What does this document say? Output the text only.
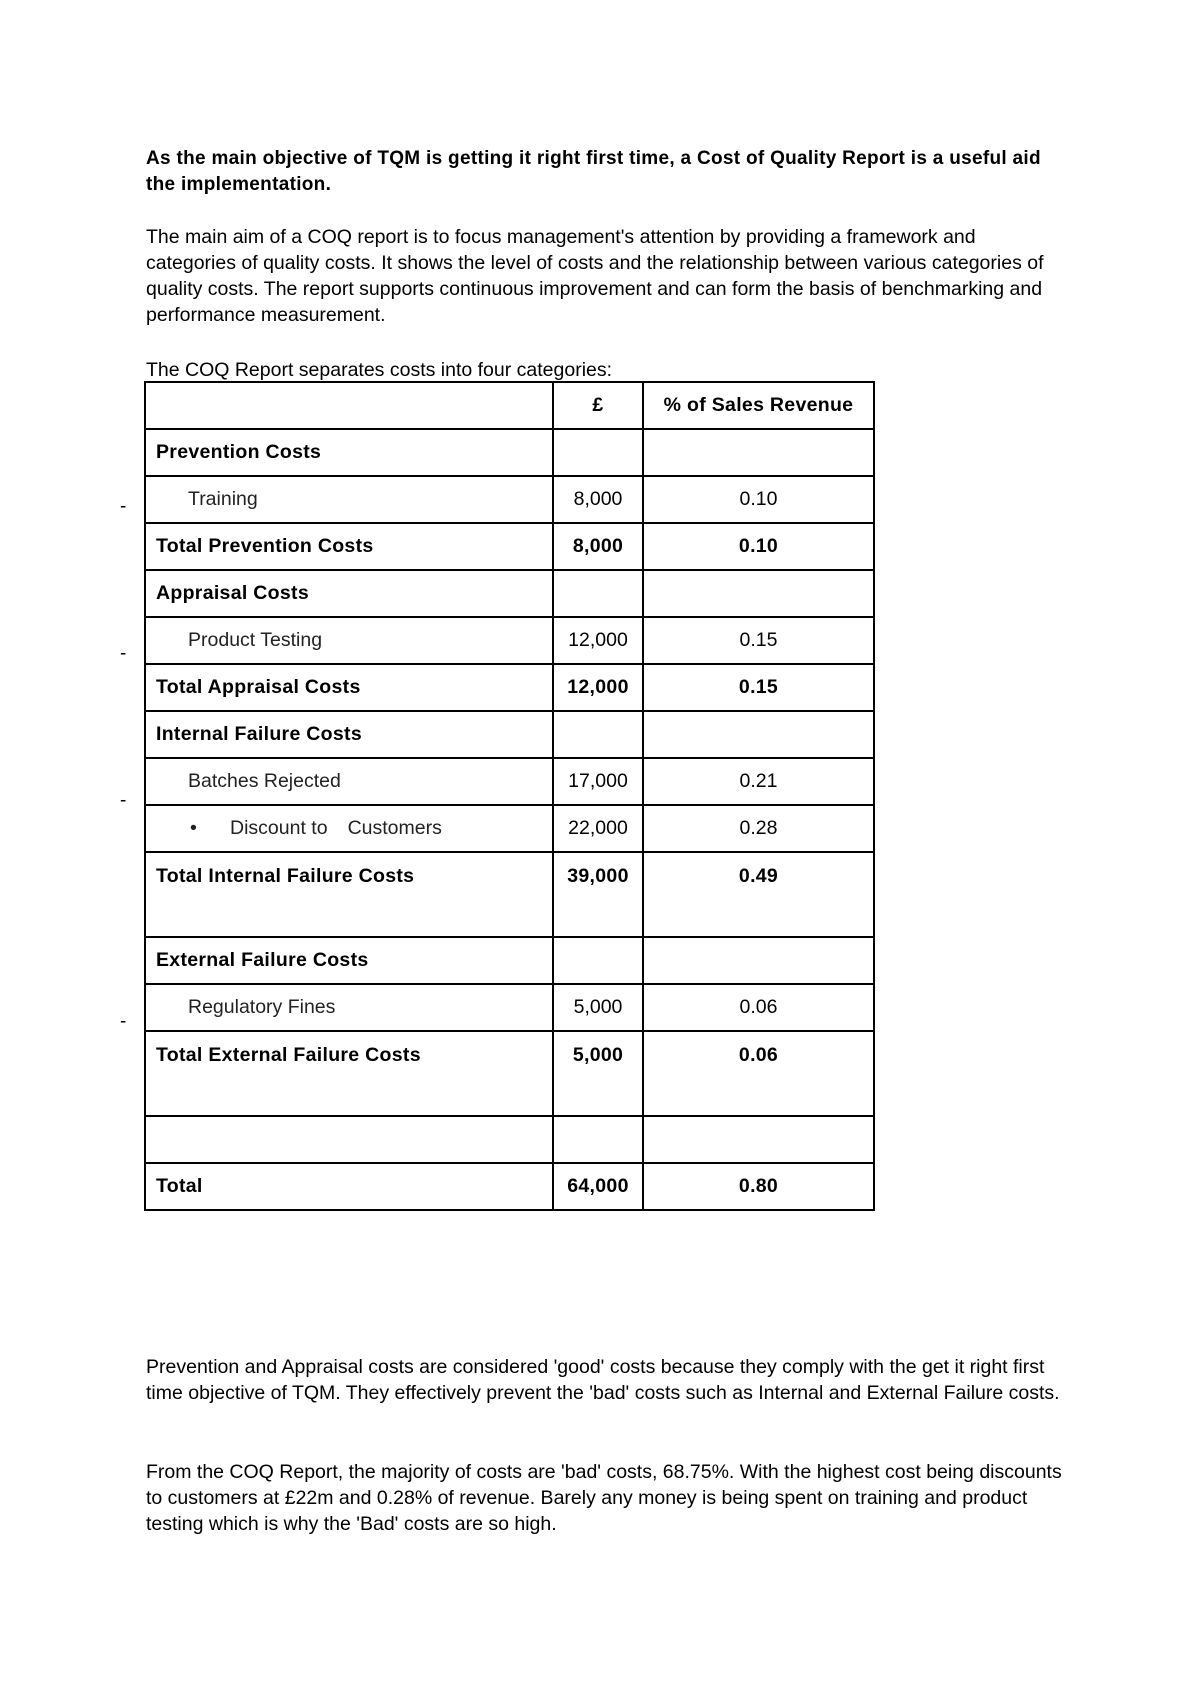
As the main objective of TQM is getting it right first time, a Cost of Quality Report is a useful aid the implementation.

The main aim of a COQ report is to focus management's attention by providing a framework and categories of quality costs. It shows the level of costs and the relationship between various categories of quality costs. The report supports continuous improvement and can form the basis of benchmarking and performance measurement.

The COQ Report separates costs into four categories:

Prevention and Appraisal costs are considered 'good' costs because they comply with the get it right first time objective of TQM. They effectively prevent the 'bad' costs such as Internal and External Failure costs.

From the COQ Report, the majority of costs are 'bad' costs, 68.75%. With the highest cost being discounts to customers at £22m and 0.28% of revenue. Barely any money is being spent on training and product testing which is why the 'Bad' costs are so high.

-
-
-
-
	£	% of Sales Revenue
Prevention Costs		
Training	8,000	0.10
Total Prevention Costs	8,000	0.10
Appraisal Costs		
Product Testing	12,000	0.15
Total Appraisal Costs	12,000	0.15
Internal Failure Costs		
Batches Rejected	17,000	0.21
• Discount to Customers	22,000	0.28
Total Internal Failure Costs	39,000	0.49
External Failure Costs		
Regulatory Fines	5,000	0.06
Total External Failure Costs	5,000	0.06

Total	64,000	0.80
